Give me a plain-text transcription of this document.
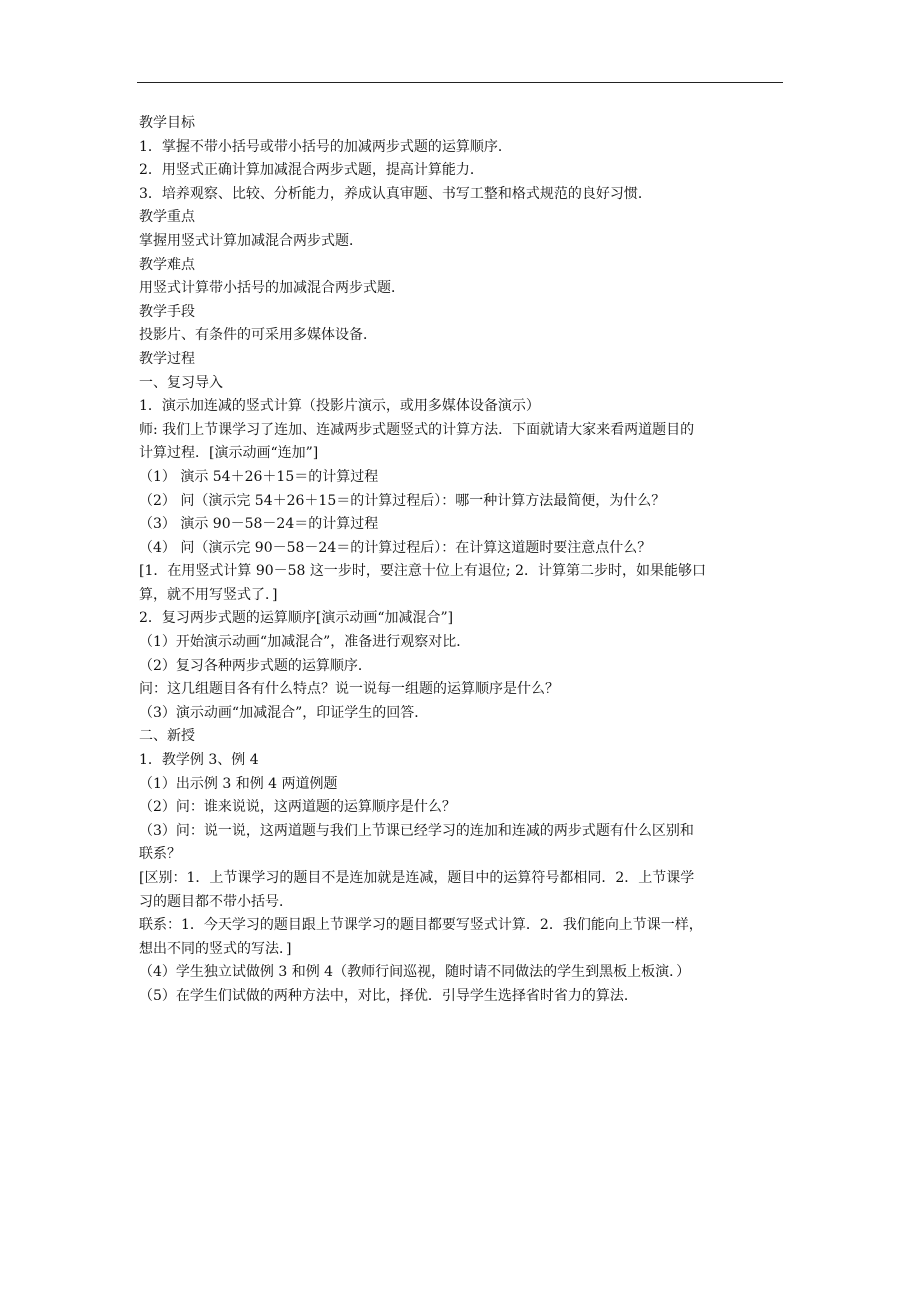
教学目标
1．掌握不带小括号或带小括号的加减两步式题的运算顺序．
2．用竖式正确计算加减混合两步式题，提高计算能力．
3．培养观察、比较、分析能力，养成认真审题、书写工整和格式规范的良好习惯．
教学重点
掌握用竖式计算加减混合两步式题．
教学难点
用竖式计算带小括号的加减混合两步式题．
教学手段
投影片、有条件的可采用多媒体设备．
教学过程
一、复习导入
1．演示加连减的竖式计算（投影片演示，或用多媒体设备演示）
师: 我们上节课学习了连加、连减两步式题竖式的计算方法．下面就请大家来看两道题目的
计算过程．[演示动画“连加”]
（1） 演示 54＋26＋15＝的计算过程
（2） 问（演示完 54＋26＋15＝的计算过程后）：哪一种计算方法最简便，为什么？
（3） 演示 90－58－24＝的计算过程
（4） 问（演示完 90－58－24＝的计算过程后）：在计算这道题时要注意点什么？
[1．在用竖式计算 90－58 这一步时，要注意十位上有退位; 2．计算第二步时，如果能够口
算，就不用写竖式了．]
2．复习两步式题的运算顺序[演示动画“加减混合”]
（1）开始演示动画“加减混合”，准备进行观察对比．
（2）复习各种两步式题的运算顺序．
问：这几组题目各有什么特点？说一说每一组题的运算顺序是什么？
（3）演示动画“加减混合”，印证学生的回答．
二、新授
1．教学例 3、例 4
（1）出示例 3 和例 4 两道例题
（2）问：谁来说说，这两道题的运算顺序是什么？
（3）问：说一说，这两道题与我们上节课已经学习的连加和连减的两步式题有什么区别和
联系？
[区别：1．上节课学习的题目不是连加就是连减，题目中的运算符号都相同．2．上节课学
习的题目都不带小括号．
联系：1．今天学习的题目跟上节课学习的题目都要写竖式计算．2．我们能向上节课一样，
想出不同的竖式的写法．]
（4）学生独立试做例 3 和例 4（教师行间巡视，随时请不同做法的学生到黑板上板演．）
（5）在学生们试做的两种方法中，对比，择优．引导学生选择省时省力的算法．
